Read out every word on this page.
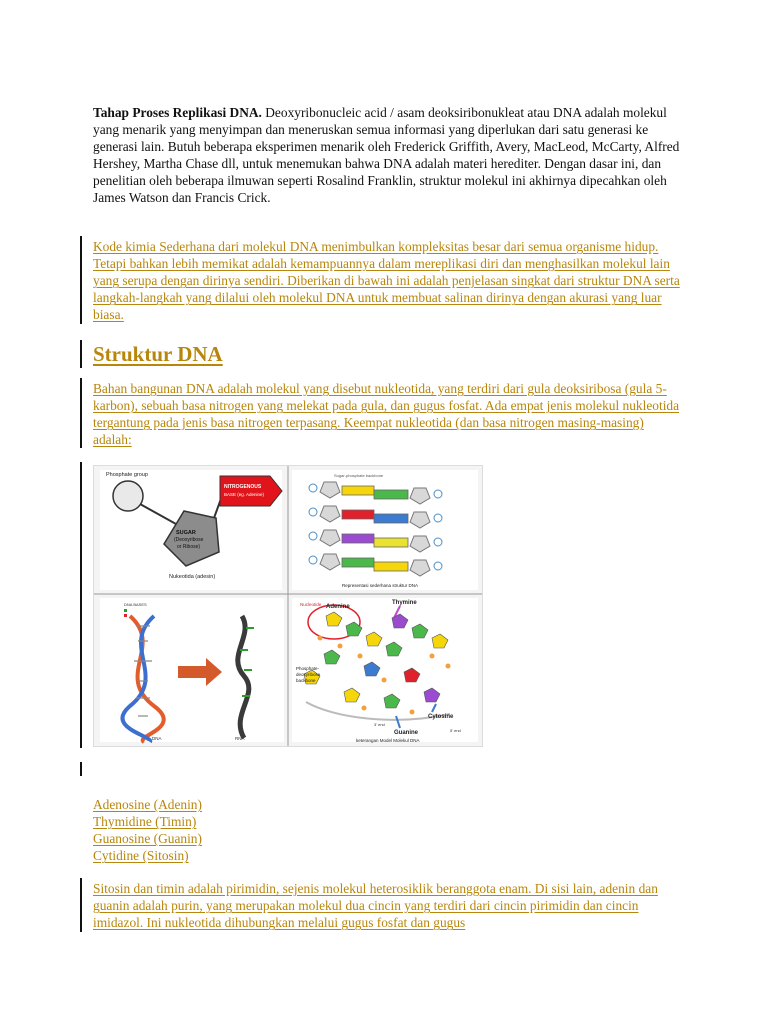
Tahap Proses Replikasi DNA. Deoxyribonucleic acid / asam deoksiribonukleat atau DNA adalah molekul yang menarik yang menyimpan dan meneruskan semua informasi yang diperlukan dari satu generasi ke generasi lain. Butuh beberapa eksperimen menarik oleh Frederick Griffith, Avery, MacLeod, McCarty, Alfred Hershey, Martha Chase dll, untuk menemukan bahwa DNA adalah materi herediter. Dengan dasar ini, dan penelitian oleh beberapa ilmuwan seperti Rosalind Franklin, struktur molekul ini akhirnya dipecahkan oleh James Watson dan Francis Crick.

Kode kimia Sederhana dari molekul DNA menimbulkan kompleksitas besar dari semua organisme hidup. Tetapi bahkan lebih memikat adalah kemampuannya dalam mereplikasi diri dan menghasilkan molekul lain yang serupa dengan dirinya sendiri. Diberikan di bawah ini adalah penjelasan singkat dari struktur DNA serta langkah-langkah yang dilalui oleh molekul DNA untuk membuat salinan dirinya dengan akurasi yang luar biasa.

Struktur DNA

Bahan bangunan DNA adalah molekul yang disebut nukleotida, yang terdiri dari gula deoksiribosa (gula 5-karbon), sebuah basa nitrogen yang melekat pada gula, dan gugus fosfat. Ada empat jenis molekul nukleotida tergantung pada jenis basa nitrogen terpasang. Keempat nukleotida (dan basa nitrogen masing-masing) adalah:

Phosphate group
SUGAR
(Deoxyribose
or Ribose)
NITROGENOUS
BASE (eg. Adenine)
Nukeotida (adesin)
Sugar-phosphate backbone
Representasi sederhana struktur DNA
DNA BASES
DNA	RNA
Nucleotide Adenine
Thymine
Phosphate-
deoxyribose
backbone
Cytosine
Guanine
3' end
5' end
keterangan Model Molekul DNA
Adenosine (Adenin)
Thymidine (Timin)
Guanosine (Guanin)
Cytidine (Sitosin)

Sitosin dan timin adalah pirimidin, sejenis molekul heterosiklik beranggota enam. Di sisi lain, adenin dan guanin adalah purin, yang merupakan molekul dua cincin yang terdiri dari cincin pirimidin dan cincin imidazol. Ini nukleotida dihubungkan melalui gugus fosfat dan gugus
